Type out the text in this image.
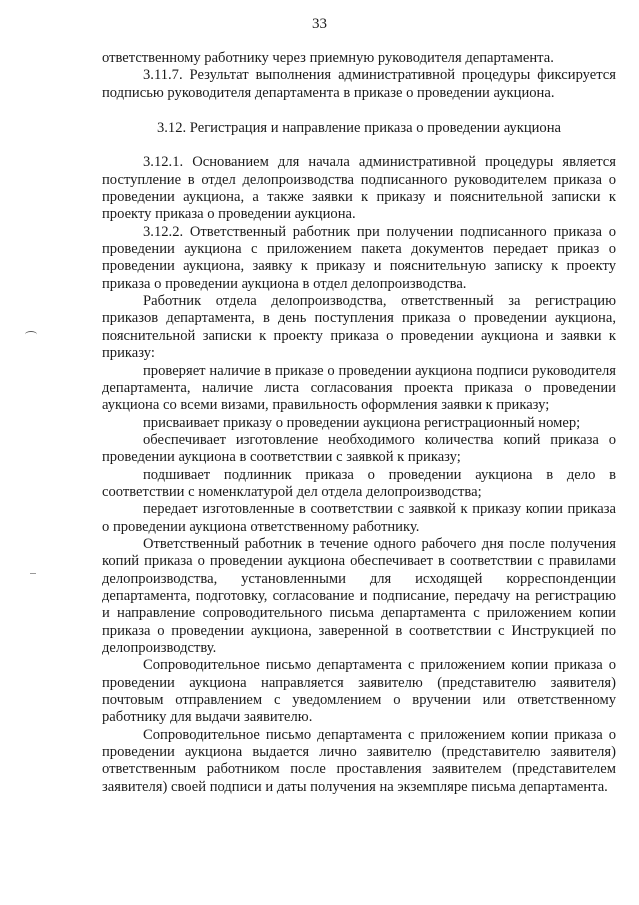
33

ответственному работнику через приемную руководителя департамента.

3.11.7. Результат выполнения административной процедуры фиксируется подписью руководителя департамента в приказе о проведении аукциона.

3.12. Регистрация и направление приказа о проведении аукциона

3.12.1. Основанием для начала административной процедуры является поступление в отдел делопроизводства подписанного руководителем приказа о проведении аукциона, а также заявки к приказу и пояснительной записки к проекту приказа о проведении аукциона.

3.12.2. Ответственный работник при получении подписанного приказа о проведении аукциона с приложением пакета документов передает приказ о проведении аукциона, заявку к приказу и пояснительную записку к проекту приказа о проведении аукциона в отдел делопроизводства.

Работник отдела делопроизводства, ответственный за регистрацию приказов департамента, в день поступления приказа о проведении аукциона, пояснительной записки к проекту приказа о проведении аукциона и заявки к приказу:

проверяет наличие в приказе о проведении аукциона подписи руководителя департамента, наличие листа согласования проекта приказа о проведении аукциона со всеми визами, правильность оформления заявки к приказу;

присваивает приказу о проведении аукциона регистрационный номер;

обеспечивает изготовление необходимого количества копий приказа о проведении аукциона в соответствии с заявкой к приказу;

подшивает подлинник приказа о проведении аукциона в дело в соответствии с номенклатурой дел отдела делопроизводства;

передает изготовленные в соответствии с заявкой к приказу копии приказа о проведении аукциона ответственному работнику.

Ответственный работник в течение одного рабочего дня после получения копий приказа о проведении аукциона обеспечивает в соответствии с правилами делопроизводства, установленными для исходящей корреспонденции департамента, подготовку, согласование и подписание, передачу на регистрацию и направление сопроводительного письма департамента с приложением копии приказа о проведении аукциона, заверенной в соответствии с Инструкцией по делопроизводству.

Сопроводительное письмо департамента с приложением копии приказа о проведении аукциона направляется заявителю (представителю заявителя) почтовым отправлением с уведомлением о вручении или ответственному работнику для выдачи заявителю.

Сопроводительное письмо департамента с приложением копии приказа о проведении аукциона выдается лично заявителю (представителю заявителя) ответственным работником после проставления заявителем (представителем заявителя) своей подписи и даты получения на экземпляре письма департамента.
